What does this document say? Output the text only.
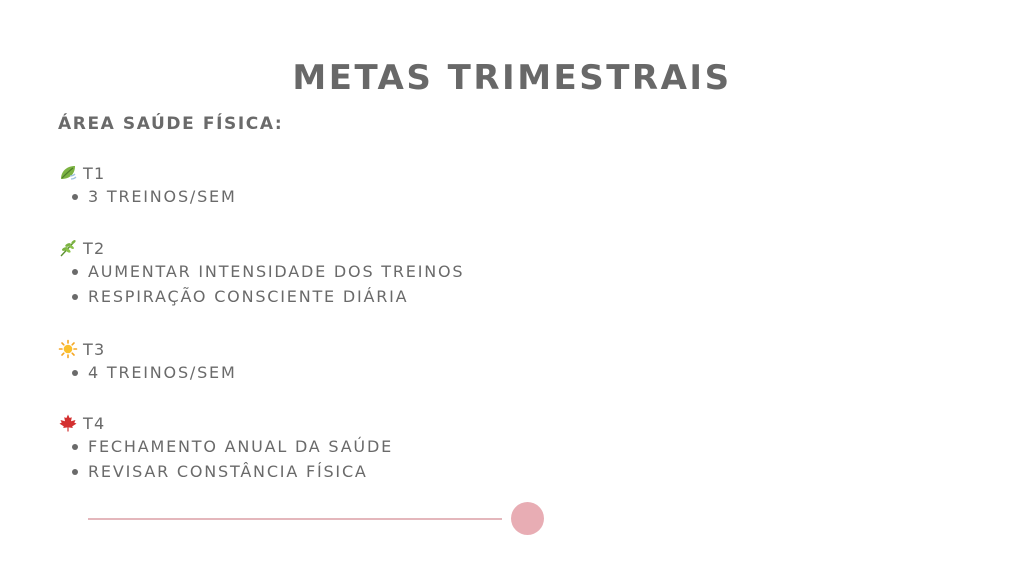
METAS TRIMESTRAIS
ÁREA SAÚDE FÍSICA:
T1
3 TREINOS/SEM
T2
AUMENTAR INTENSIDADE DOS TREINOS
RESPIRAÇÃO CONSCIENTE DIÁRIA
T3
4 TREINOS/SEM
T4
FECHAMENTO ANUAL DA SAÚDE
REVISAR CONSTÂNCIA FÍSICA
